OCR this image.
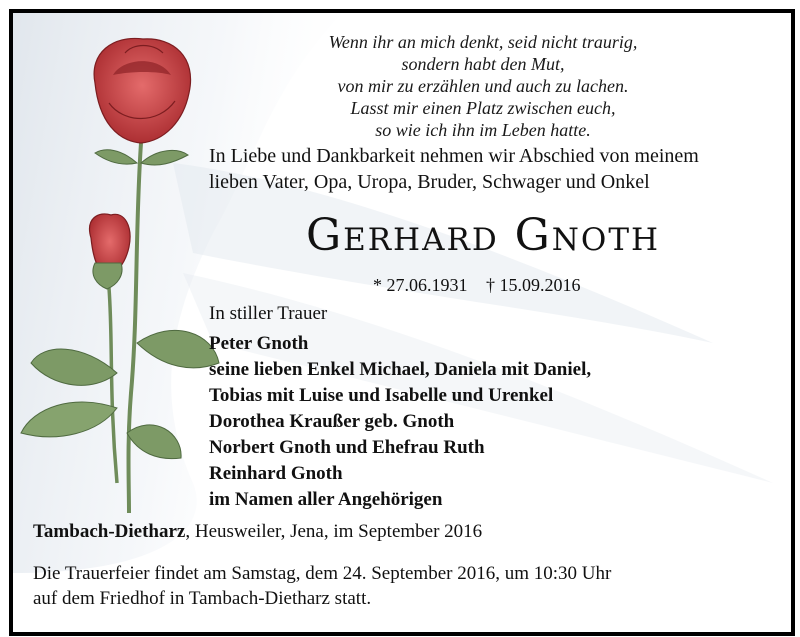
Wenn ihr an mich denkt, seid nicht traurig,
sondern habt den Mut,
von mir zu erzählen und auch zu lachen.
Lasst mir einen Platz zwischen euch,
so wie ich ihn im Leben hatte.
In Liebe und Dankbarkeit nehmen wir Abschied von meinem
lieben Vater, Opa, Uropa, Bruder, Schwager und Onkel
Gerhard Gnoth
* 27.06.1931 † 15.09.2016
In stiller Trauer
Peter Gnoth
seine lieben Enkel Michael, Daniela mit Daniel,
Tobias mit Luise und Isabelle und Urenkel
Dorothea Kraußer geb. Gnoth
Norbert Gnoth und Ehefrau Ruth
Reinhard Gnoth
im Namen aller Angehörigen
Tambach-Dietharz, Heusweiler, Jena, im September 2016
Die Trauerfeier findet am Samstag, dem 24. September 2016, um 10:30 Uhr
auf dem Friedhof in Tambach-Dietharz statt.
